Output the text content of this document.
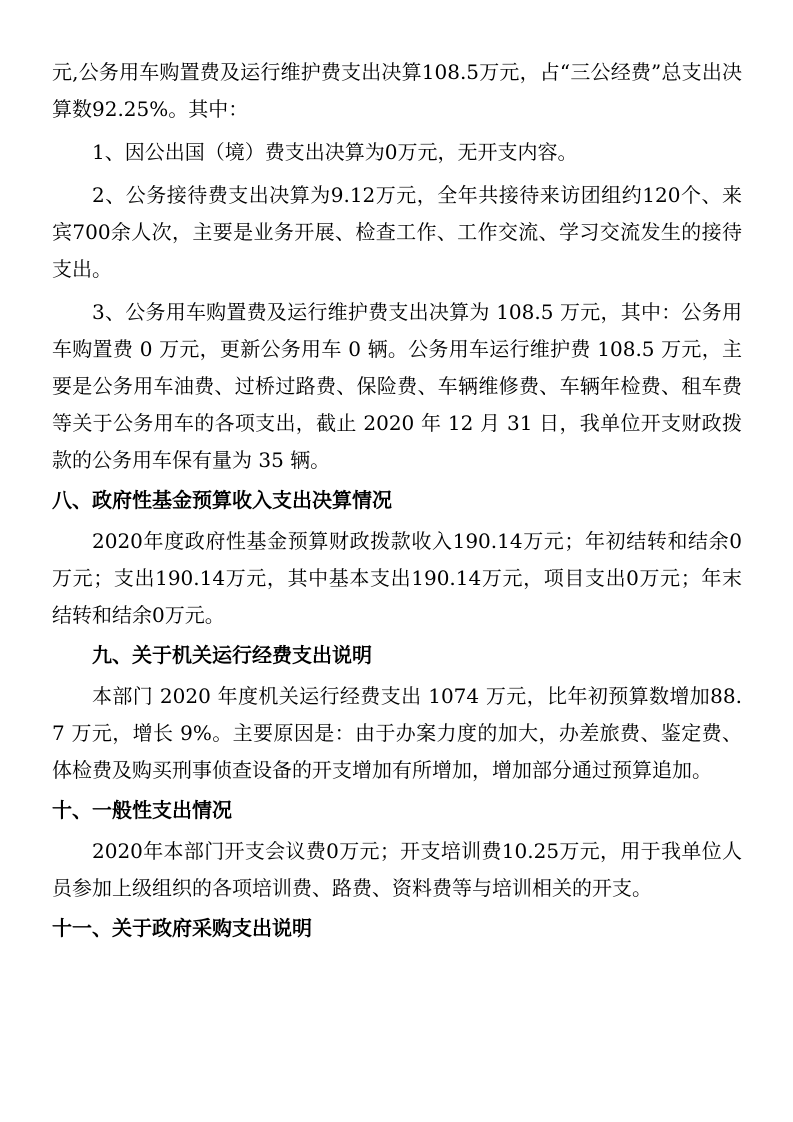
元,公务用车购置费及运行维护费支出决算108.5万元，占“三公经费”总支出决算数92.25%。其中：

1、因公出国（境）费支出决算为0万元，无开支内容。

2、公务接待费支出决算为9.12万元，全年共接待来访团组约120个、来宾700余人次，主要是业务开展、检查工作、工作交流、学习交流发生的接待支出。

3、公务用车购置费及运行维护费支出决算为 108.5 万元，其中：公务用车购置费 0 万元，更新公务用车 0 辆。公务用车运行维护费 108.5 万元，主要是公务用车油费、过桥过路费、保险费、车辆维修费、车辆年检费、租车费等关于公务用车的各项支出，截止 2020 年 12 月 31 日，我单位开支财政拨款的公务用车保有量为 35 辆。

八、政府性基金预算收入支出决算情况

2020年度政府性基金预算财政拨款收入190.14万元；年初结转和结余0万元；支出190.14万元，其中基本支出190.14万元，项目支出0万元；年末结转和结余0万元。

九、关于机关运行经费支出说明

本部门 2020 年度机关运行经费支出 1074 万元，比年初预算数增加88.7 万元，增长 9%。主要原因是：由于办案力度的加大，办差旅费、鉴定费、体检费及购买刑事侦查设备的开支增加有所增加，增加部分通过预算追加。

十、一般性支出情况

2020年本部门开支会议费0万元；开支培训费10.25万元，用于我单位人员参加上级组织的各项培训费、路费、资料费等与培训相关的开支。

十一、关于政府采购支出说明
